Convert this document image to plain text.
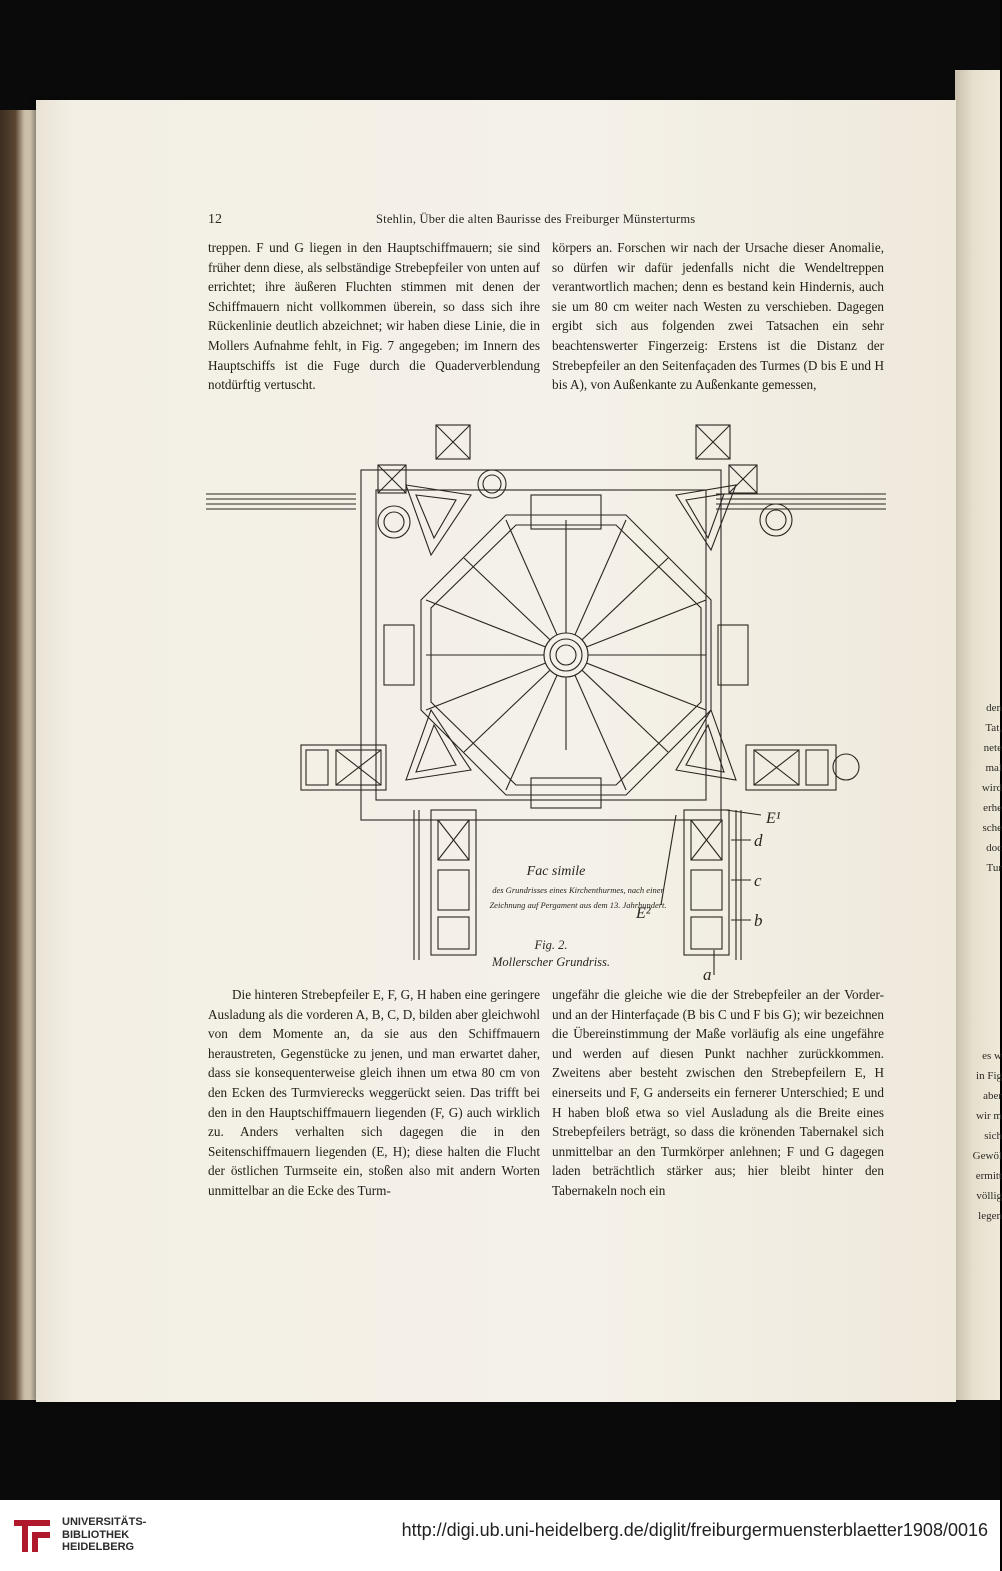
den
Tat,
nete
mal
wird
erhe
sche
doc
Tur
es w
in Fig
aber
wir m
sich
Gewöl
ermitt
völlig
legen
12	Stehlin, Über die alten Baurisse des Freiburger Münsterturms

treppen. F und G liegen in den Hauptschiffmauern; sie sind früher denn diese, als selbständige Strebepfeiler von unten auf errichtet; ihre äußeren Fluchten stimmen mit denen der Schiffmauern nicht vollkommen überein, so dass sich ihre Rückenlinie deutlich abzeichnet; wir haben diese Linie, die in Mollers Aufnahme fehlt, in Fig. 7 angegeben; im Innern des Hauptschiffs ist die Fuge durch die Quaderverblendung notdürftig vertuscht.

körpers an. Forschen wir nach der Ursache dieser Anomalie, so dürfen wir dafür jedenfalls nicht die Wendeltreppen verantwortlich machen; denn es bestand kein Hindernis, auch sie um 80 cm weiter nach Westen zu verschieben. Dagegen ergibt sich aus folgenden zwei Tatsachen ein sehr beachtenswerter Fingerzeig: Erstens ist die Distanz der Strebepfeiler an den Seitenfaçaden des Turmes (D bis E und H bis A), von Außenkante zu Außenkante gemessen,

E¹
E²
d
c
b
a
Fac simile
des Grundrisses eines Kirchenthurmes, nach einer
Zeichnung auf Pergament aus dem 13. Jahrhundert.
Fig. 2.
Mollerscher Grundriss.

Die hinteren Strebepfeiler E, F, G, H haben eine geringere Ausladung als die vorderen A, B, C, D, bilden aber gleichwohl von dem Momente an, da sie aus den Schiffmauern heraustreten, Gegenstücke zu jenen, und man erwartet daher, dass sie konsequenterweise gleich ihnen um etwa 80 cm von den Ecken des Turmvierecks weggerückt seien. Das trifft bei den in den Hauptschiffmauern liegenden (F, G) auch wirklich zu. Anders verhalten sich dagegen die in den Seitenschiffmauern liegenden (E, H); diese halten die Flucht der östlichen Turmseite ein, stoßen also mit andern Worten unmittelbar an die Ecke des Turm-

ungefähr die gleiche wie die der Strebepfeiler an der Vorder- und an der Hinterfaçade (B bis C und F bis G); wir bezeichnen die Übereinstimmung der Maße vorläufig als eine ungefähre und werden auf diesen Punkt nachher zurückkommen. Zweitens aber besteht zwischen den Strebepfeilern E, H einerseits und F, G anderseits ein fernerer Unterschied; E und H haben bloß etwa so viel Ausladung als die Breite eines Strebepfeilers beträgt, so dass die krönenden Tabernakel sich unmittelbar an den Turmkörper anlehnen; F und G dagegen laden beträchtlich stärker aus; hier bleibt hinter den Tabernakeln noch ein

UNIVERSITÄTS-
BIBLIOTHEK
HEIDELBERG
http://digi.ub.uni-heidelberg.de/diglit/freiburgermuensterblaetter1908/0016
